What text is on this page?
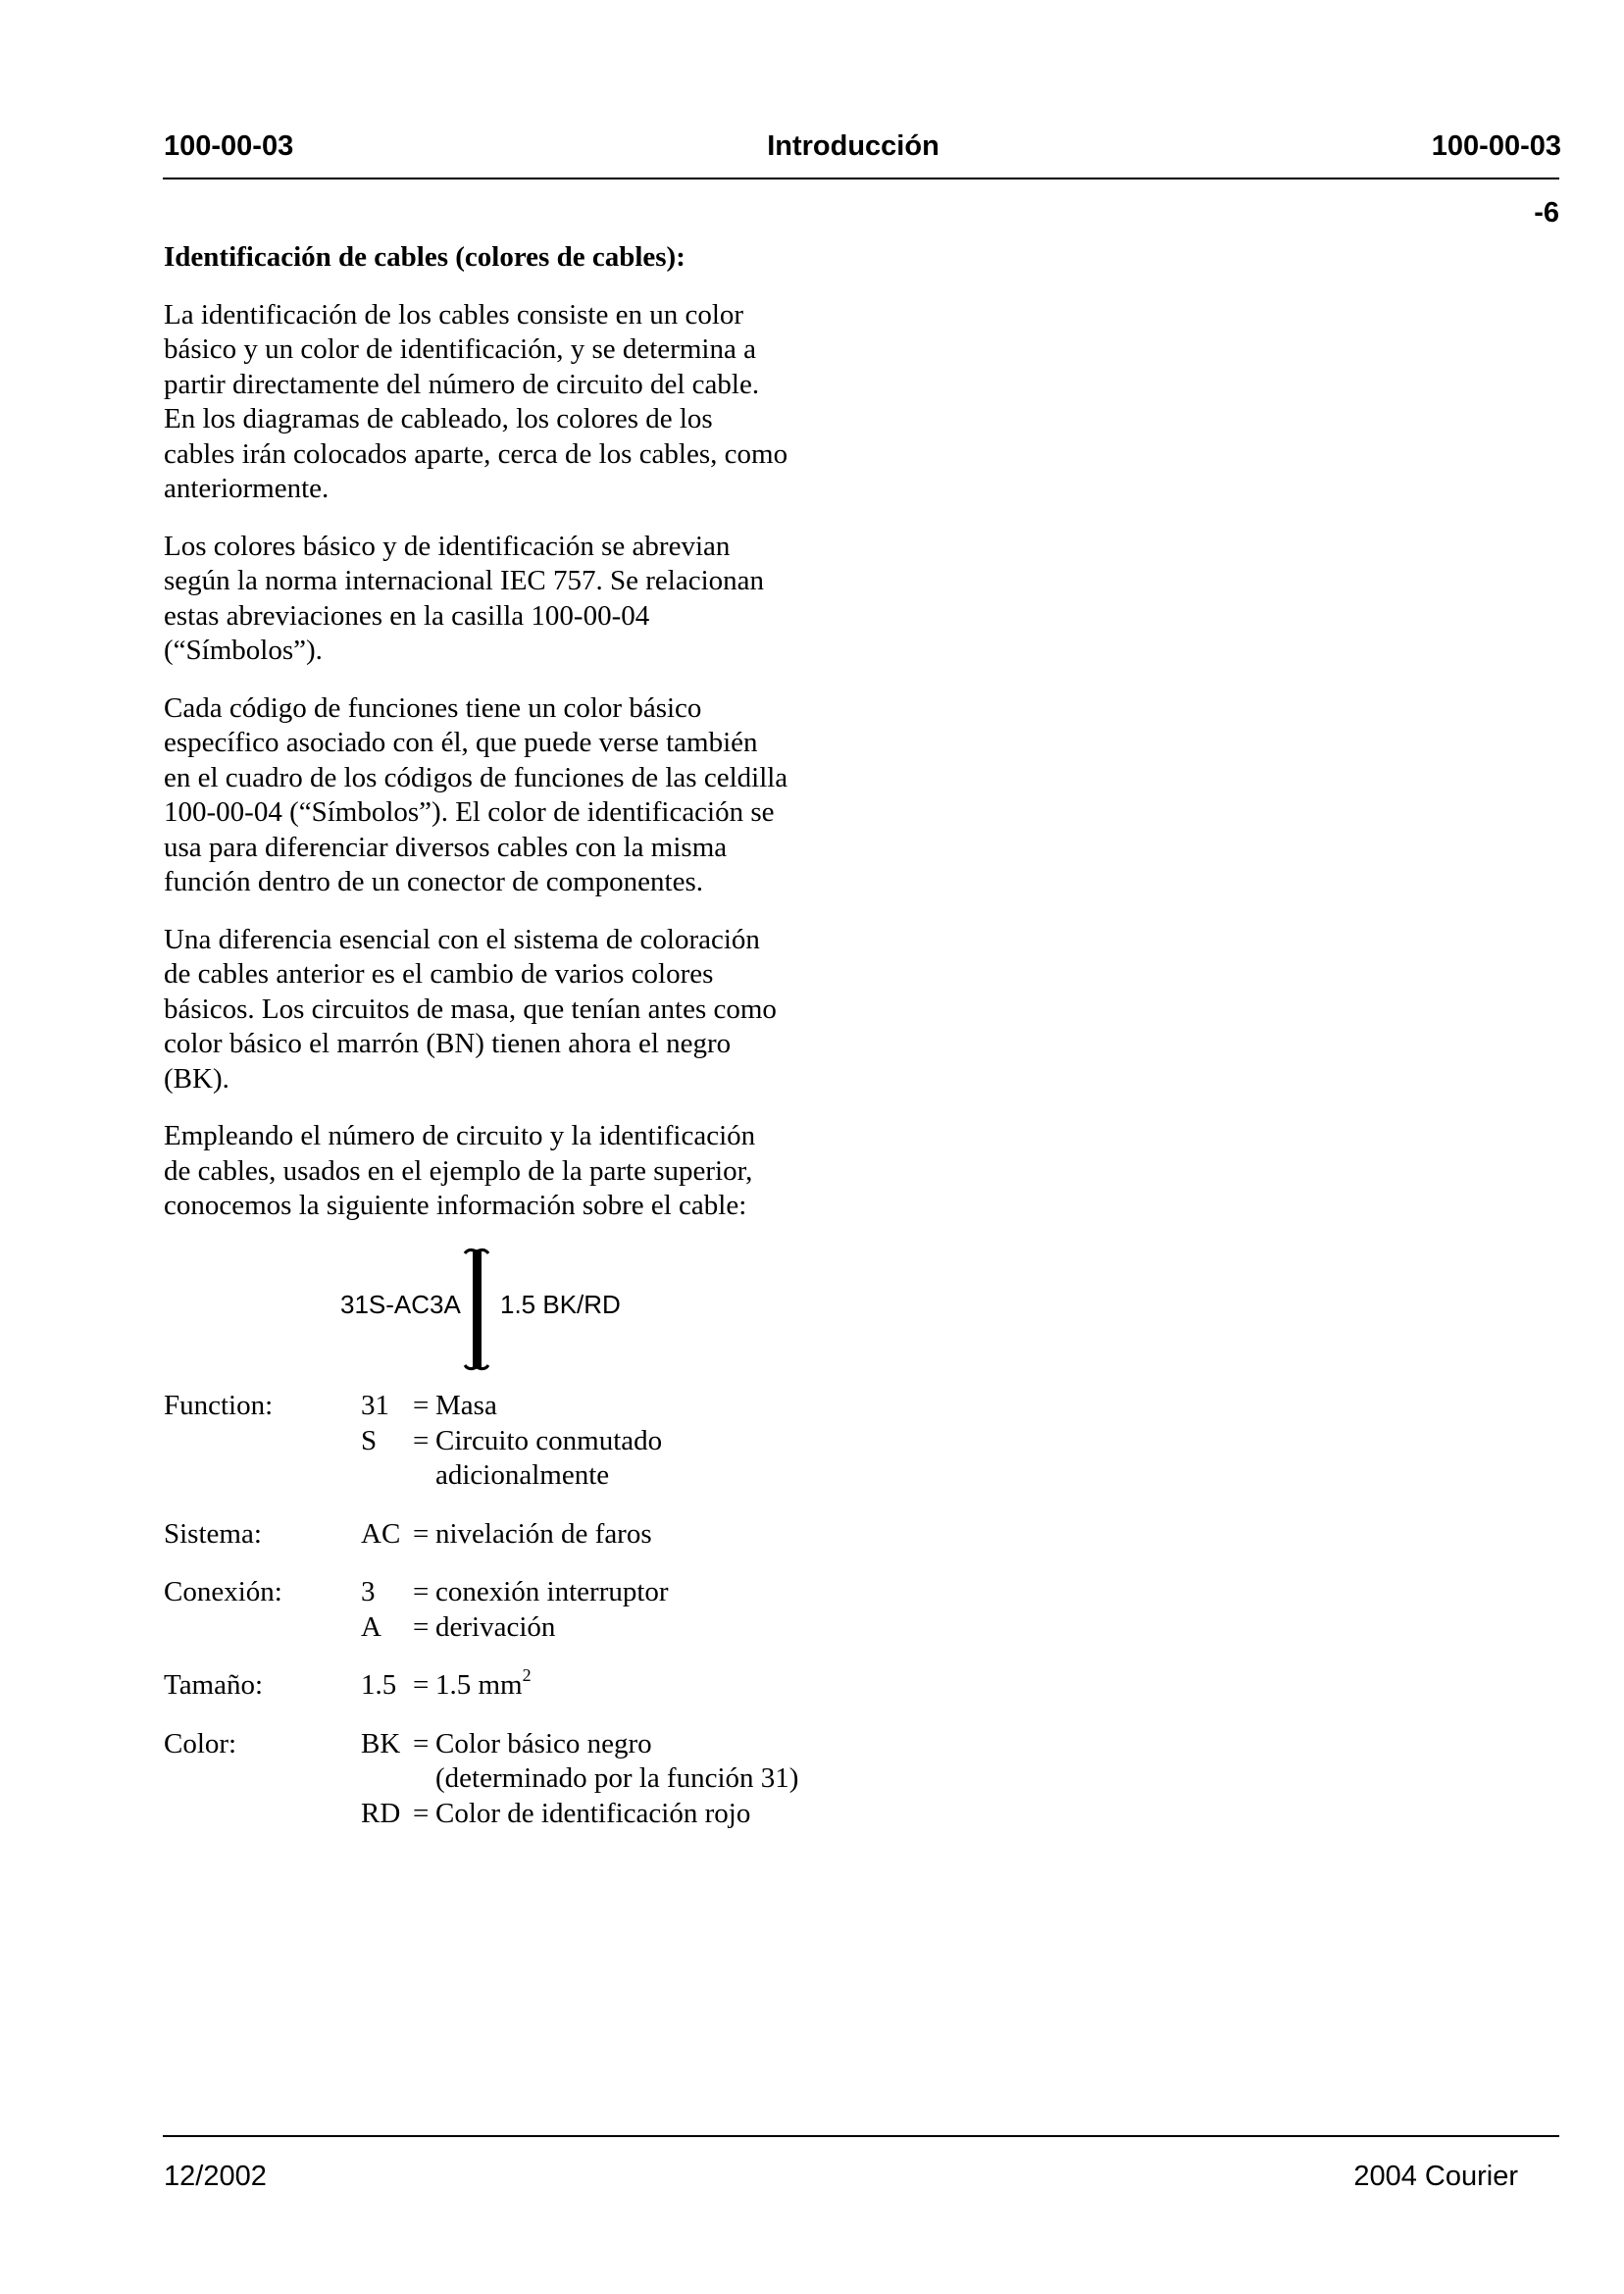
100-00-03	Introducción	100-00-03
-6
Identificación de cables (colores de cables):
La identificación de los cables consiste en un color
básico y un color de identificación, y se determina a
partir directamente del número de circuito del cable.
En los diagramas de cableado, los colores de los
cables irán colocados aparte, cerca de los cables, como
anteriormente.
Los colores básico y de identificación se abrevian
según la norma internacional IEC 757. Se relacionan
estas abreviaciones en la casilla 100-00-04
(“Símbolos”).
Cada código de funciones tiene un color básico
específico asociado con él, que puede verse también
en el cuadro de los códigos de funciones de las celdilla
100-00-04 (“Símbolos”). El color de identificación se
usa para diferenciar diversos cables con la misma
función dentro de un conector de componentes.
Una diferencia esencial con el sistema de coloración
de cables anterior es el cambio de varios colores
básicos. Los circuitos de masa, que tenían antes como
color básico el marrón (BN) tienen ahora el negro
(BK).
Empleando el número de circuito y la identificación
de cables, usados en el ejemplo de la parte superior,
conocemos la siguiente información sobre el cable:
31S-AC3A 1.5 BK/RD
Function:	31 = Masa
S = Circuito conmutado
adicionalmente
Sistema:	AC = nivelación de faros
Conexión:	3 = conexión interruptor
A = derivación
Tamaño:	1.5 = 1.5 $mm^2$
Color:	BK = Color básico negro
(determinado por la función 31)
RD = Color de identificación rojo
12/2002	2004 Courier
